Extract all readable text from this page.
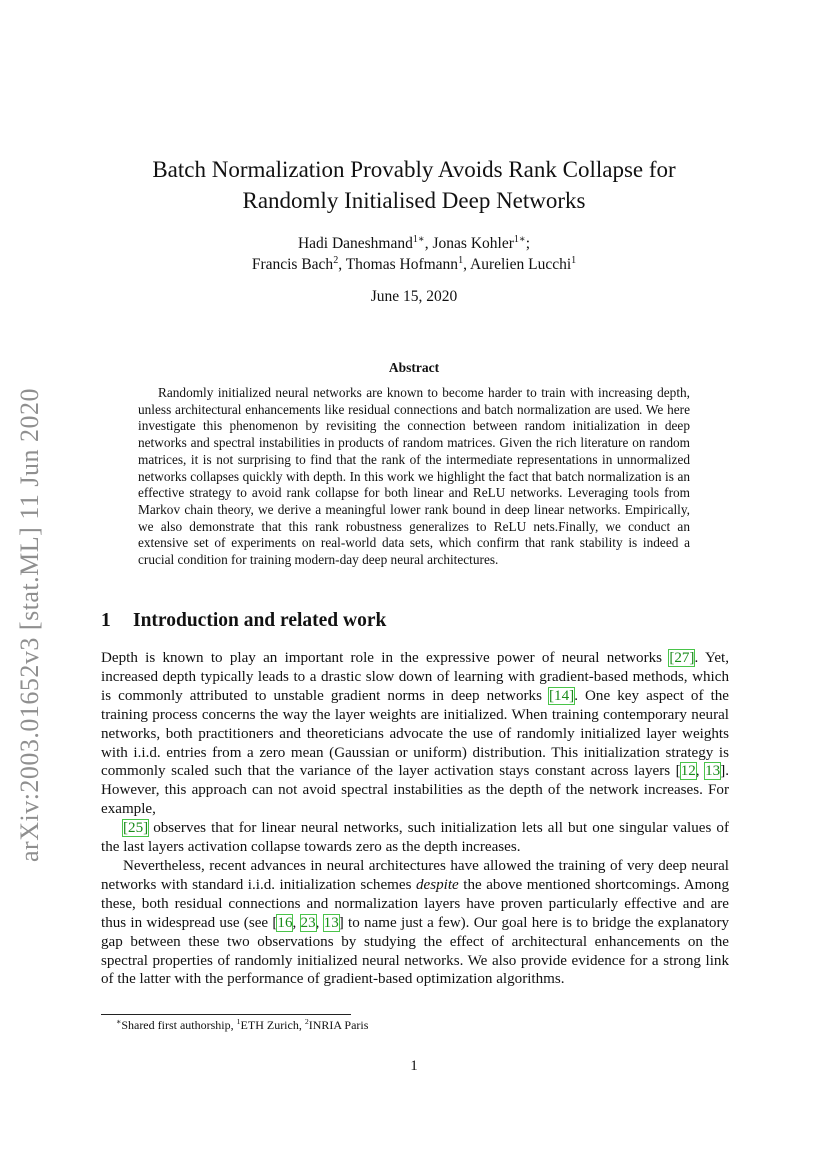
arXiv:2003.01652v3 [stat.ML] 11 Jun 2020
Batch Normalization Provably Avoids Rank Collapse for
Randomly Initialised Deep Networks
Hadi Daneshmand$^{1∗}$, Jonas Kohler$^{1∗}$;
Francis Bach$^2$, Thomas Hofmann$^1$, Aurelien Lucchi$^1$
June 15, 2020
Abstract
Randomly initialized neural networks are known to become harder to train with increasing depth, unless architectural enhancements like residual connections and batch normalization are used. We here investigate this phenomenon by revisiting the connection between random initialization in deep networks and spectral instabilities in products of random matrices. Given the rich literature on random matrices, it is not surprising to find that the rank of the intermediate representations in unnormalized networks collapses quickly with depth. In this work we highlight the fact that batch normalization is an effective strategy to avoid rank collapse for both linear and ReLU networks. Leveraging tools from Markov chain theory, we derive a meaningful lower rank bound in deep linear networks. Empirically, we also demonstrate that this rank robustness generalizes to ReLU nets.Finally, we conduct an extensive set of experiments on real-world data sets, which confirm that rank stability is indeed a crucial condition for training modern-day deep neural architectures.
1 Introduction and related work

Depth is known to play an important role in the expressive power of neural networks [27]. Yet, increased depth typically leads to a drastic slow down of learning with gradient-based methods, which is commonly attributed to unstable gradient norms in deep networks [14]. One key aspect of the training process concerns the way the layer weights are initialized. When training contemporary neural networks, both practitioners and theoreticians advocate the use of randomly initialized layer weights with i.i.d. entries from a zero mean (Gaussian or uniform) distribution. This initialization strategy is commonly scaled such that the variance of the layer activation stays constant across layers [12, 13]. However, this approach can not avoid spectral instabilities as the depth of the network increases. For example,

[25] observes that for linear neural networks, such initialization lets all but one singular values of the last layers activation collapse towards zero as the depth increases.

Nevertheless, recent advances in neural architectures have allowed the training of very deep neural networks with standard i.i.d. initialization schemes despite the above mentioned shortcomings. Among these, both residual connections and normalization layers have proven particularly effective and are thus in widespread use (see [16, 23, 13] to name just a few). Our goal here is to bridge the explanatory gap between these two observations by studying the effect of architectural enhancements on the spectral properties of randomly initialized neural networks. We also provide evidence for a strong link of the latter with the performance of gradient-based optimization algorithms.

∗Shared first authorship, $^1$ETH Zurich, $^2$INRIA Paris
1
